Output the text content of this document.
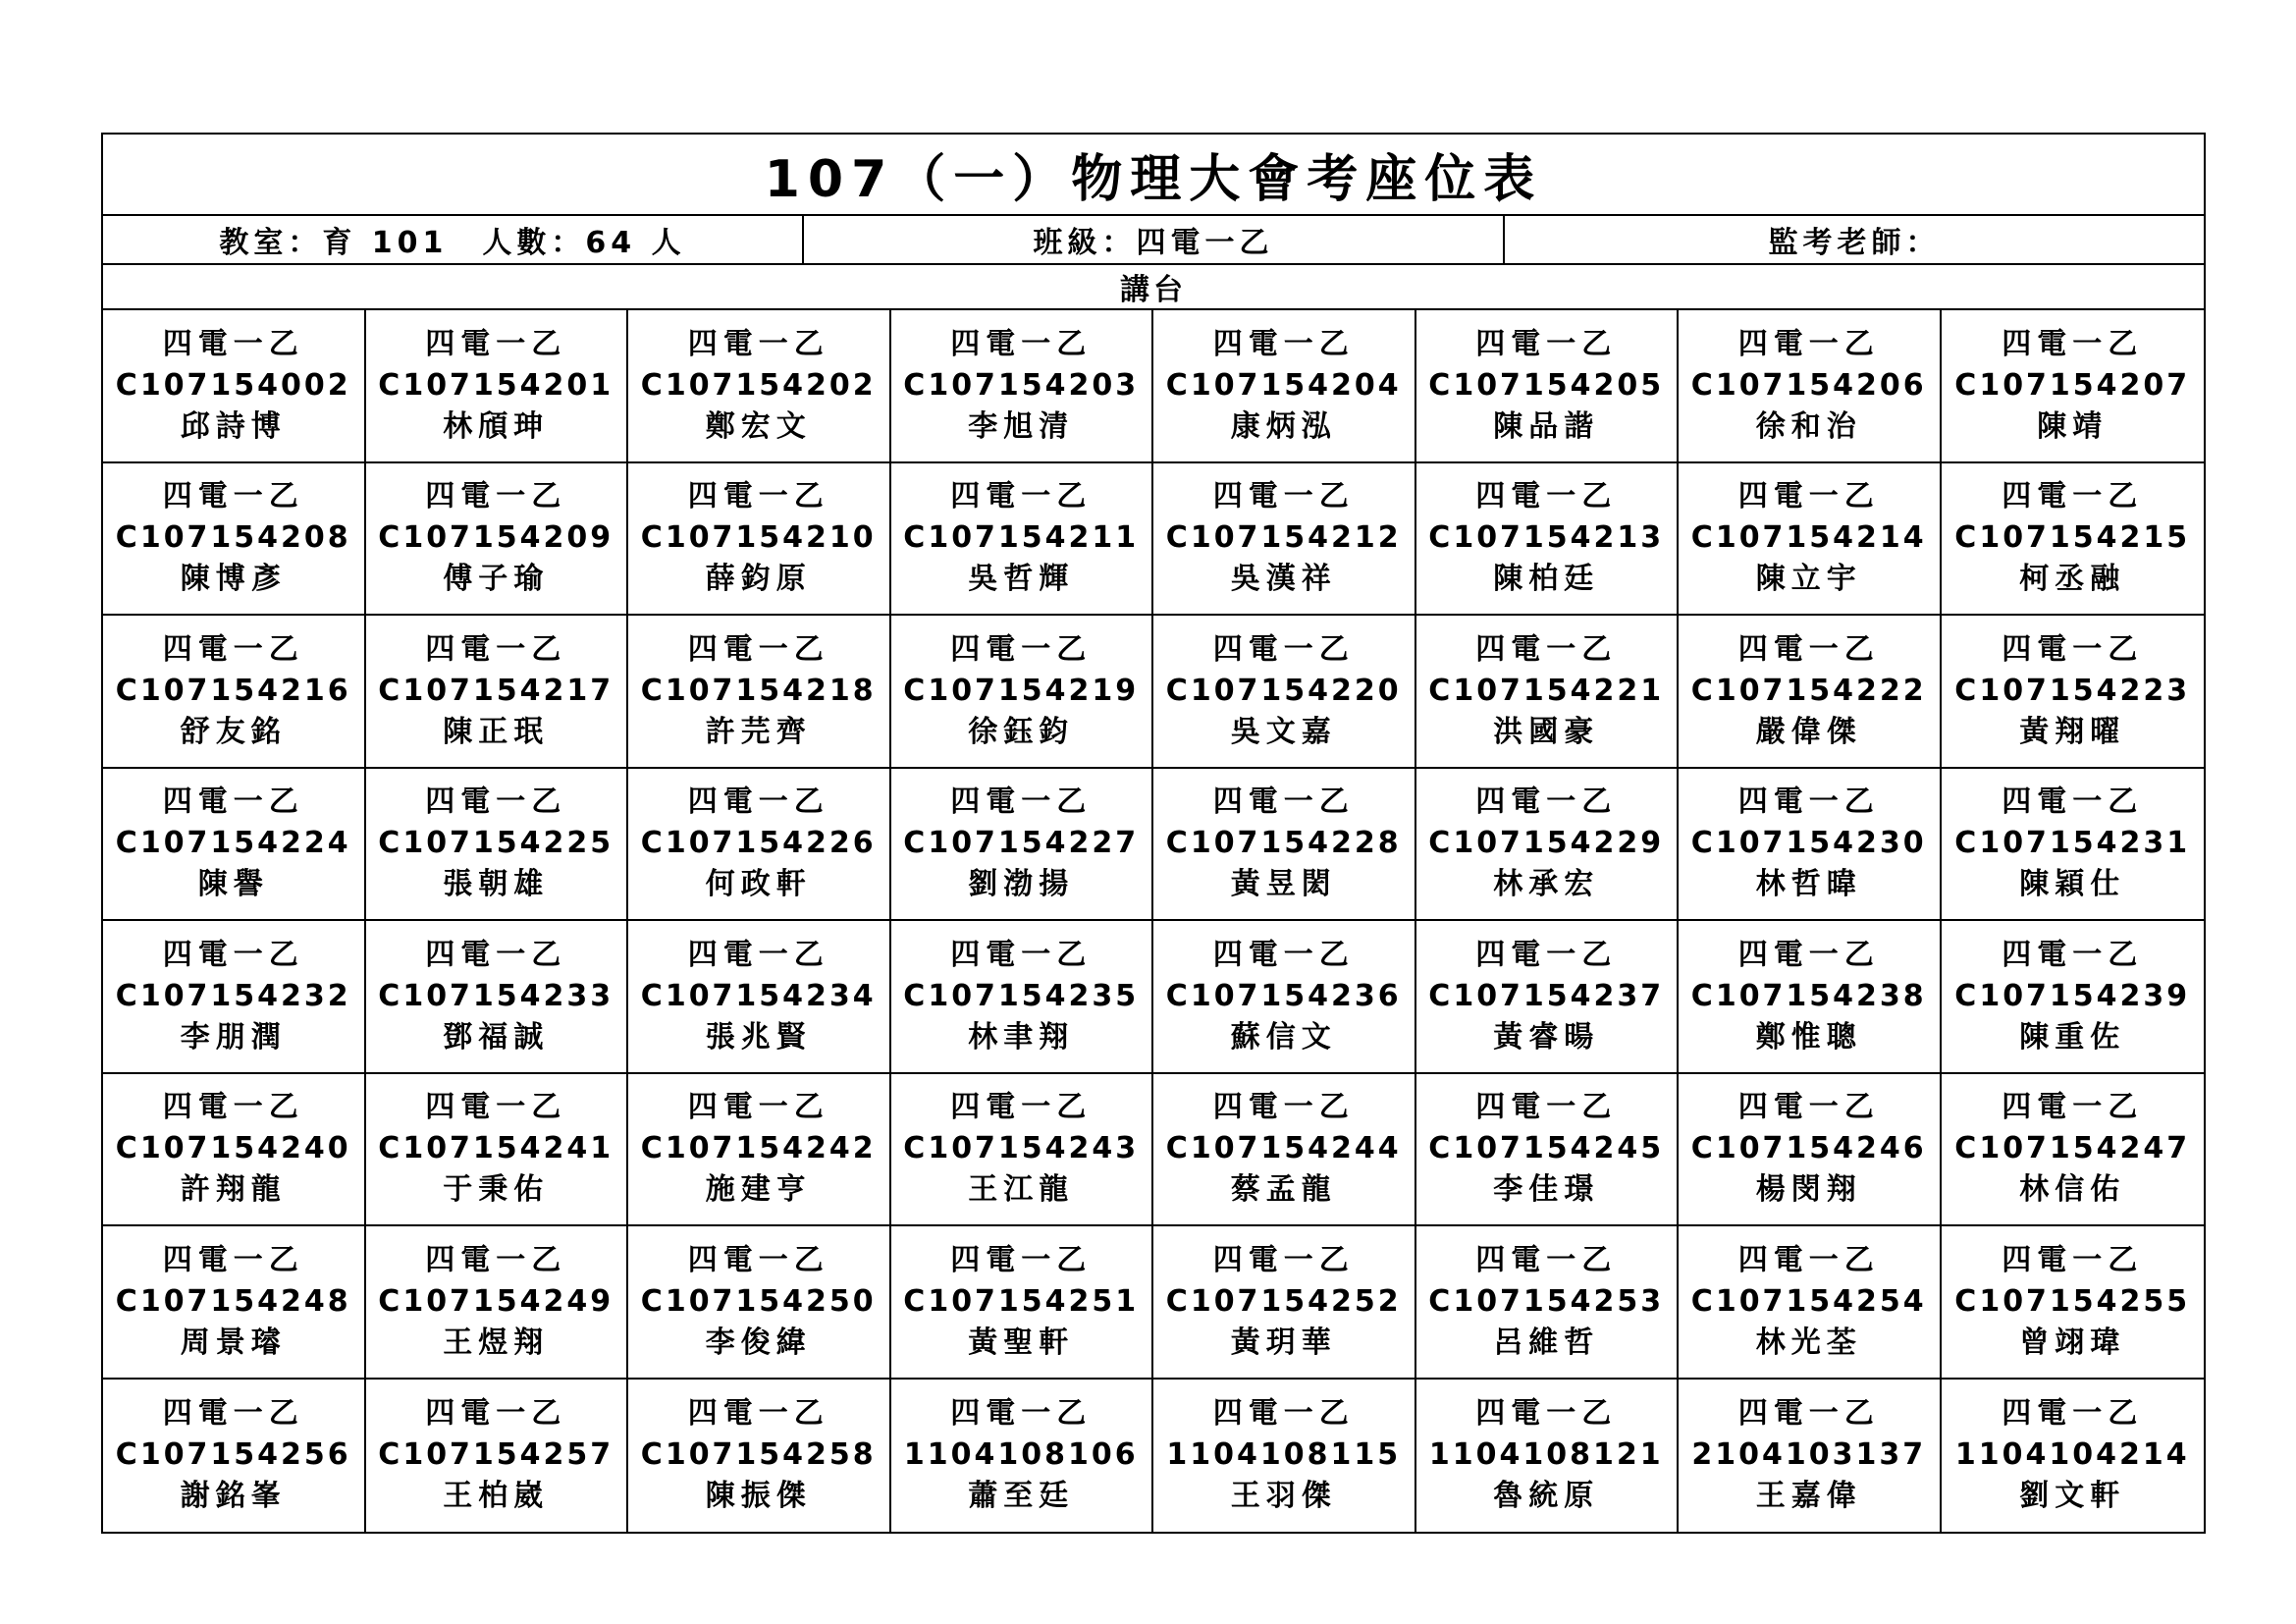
107（一）物理大會考座位表
教室：育 101　人數：64 人	班級：四電一乙	監考老師：
講台
四電一乙
C107154002
邱詩博
四電一乙
C107154201
林頎珅
四電一乙
C107154202
鄭宏文
四電一乙
C107154203
李旭清
四電一乙
C107154204
康炳泓
四電一乙
C107154205
陳品諧
四電一乙
C107154206
徐和治
四電一乙
C107154207
陳靖
四電一乙
C107154208
陳博彥
四電一乙
C107154209
傅子瑜
四電一乙
C107154210
薛鈞原
四電一乙
C107154211
吳哲輝
四電一乙
C107154212
吳漢祥
四電一乙
C107154213
陳柏廷
四電一乙
C107154214
陳立宇
四電一乙
C107154215
柯丞融
四電一乙
C107154216
舒友銘
四電一乙
C107154217
陳正珉
四電一乙
C107154218
許芫齊
四電一乙
C107154219
徐鈺鈞
四電一乙
C107154220
吳文嘉
四電一乙
C107154221
洪國豪
四電一乙
C107154222
嚴偉傑
四電一乙
C107154223
黃翔曜
四電一乙
C107154224
陳譽
四電一乙
C107154225
張朝雄
四電一乙
C107154226
何政軒
四電一乙
C107154227
劉渤揚
四電一乙
C107154228
黃昱閎
四電一乙
C107154229
林承宏
四電一乙
C107154230
林哲暐
四電一乙
C107154231
陳穎仕
四電一乙
C107154232
李朋潤
四電一乙
C107154233
鄧福誠
四電一乙
C107154234
張兆賢
四電一乙
C107154235
林聿翔
四電一乙
C107154236
蘇信文
四電一乙
C107154237
黃睿暘
四電一乙
C107154238
鄭惟聰
四電一乙
C107154239
陳重佐
四電一乙
C107154240
許翔龍
四電一乙
C107154241
于秉佑
四電一乙
C107154242
施建亨
四電一乙
C107154243
王江龍
四電一乙
C107154244
蔡孟龍
四電一乙
C107154245
李佳璟
四電一乙
C107154246
楊閔翔
四電一乙
C107154247
林信佑
四電一乙
C107154248
周景璿
四電一乙
C107154249
王煜翔
四電一乙
C107154250
李俊緯
四電一乙
C107154251
黃聖軒
四電一乙
C107154252
黃玥華
四電一乙
C107154253
呂維哲
四電一乙
C107154254
林光荃
四電一乙
C107154255
曾翊瑋
四電一乙
C107154256
謝銘峯
四電一乙
C107154257
王柏崴
四電一乙
C107154258
陳振傑
四電一乙
1104108106
蕭至廷
四電一乙
1104108115
王羽傑
四電一乙
1104108121
魯統原
四電一乙
2104103137
王嘉偉
四電一乙
1104104214
劉文軒
